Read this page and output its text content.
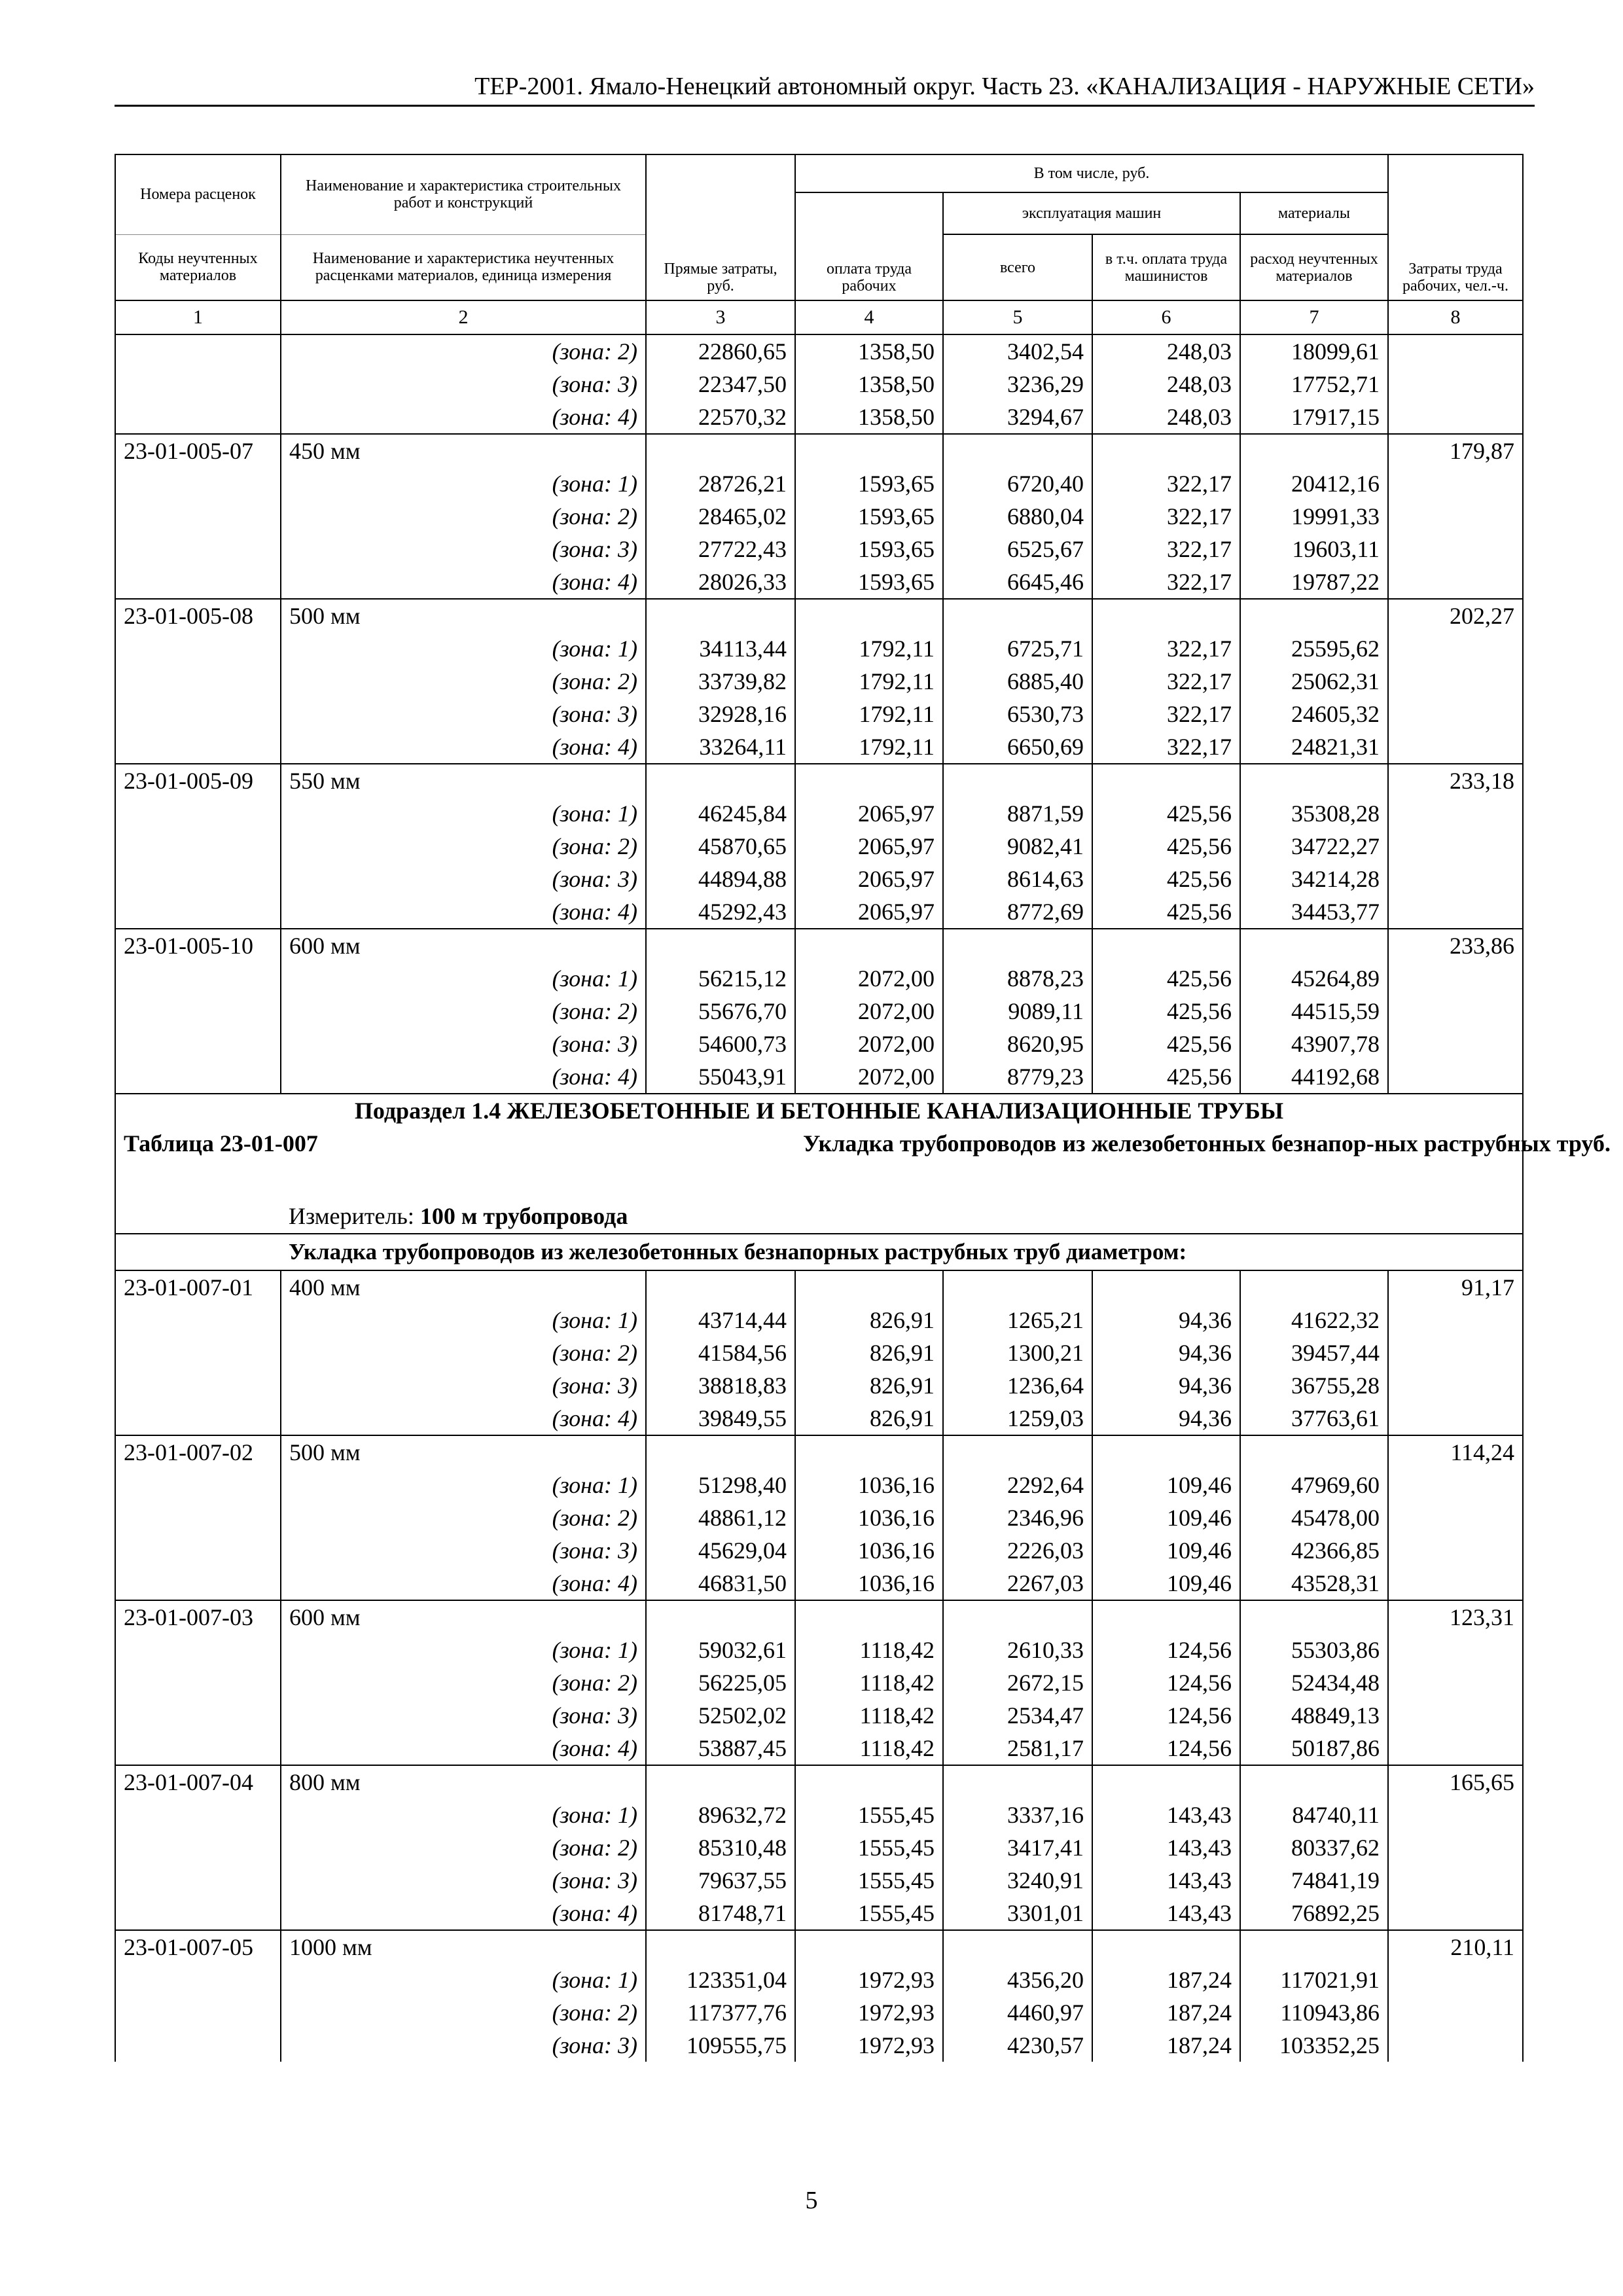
ТЕР-2001. Ямало-Ненецкий автономный округ. Часть 23. «КАНАЛИЗАЦИЯ - НАРУЖНЫЕ СЕТИ»
Номера расценок	Наименование и характеристика строительных работ и конструкций	Прямые затраты, руб.	В том числе, руб.				Затраты труда рабочих, чел.-ч.
			оплата труда рабочих	эксплуатация машин		материалы	
Коды неучтенных материалов	Наименование и характеристика неучтенных расценками материалов, единица измерения			всего	в т.ч. оплата труда машинистов	расход неучтенных материалов	
1	2	3	4	5	6	7	8
	(зона: 2)	22860,65	1358,50	3402,54	248,03	18099,61	
	(зона: 3)	22347,50	1358,50	3236,29	248,03	17752,71	
	(зона: 4)	22570,32	1358,50	3294,67	248,03	17917,15	
23-01-005-07	450 мм						179,87
	(зона: 1)	28726,21	1593,65	6720,40	322,17	20412,16	
	(зона: 2)	28465,02	1593,65	6880,04	322,17	19991,33	
	(зона: 3)	27722,43	1593,65	6525,67	322,17	19603,11	
	(зона: 4)	28026,33	1593,65	6645,46	322,17	19787,22	
23-01-005-08	500 мм						202,27
	(зона: 1)	34113,44	1792,11	6725,71	322,17	25595,62	
	(зона: 2)	33739,82	1792,11	6885,40	322,17	25062,31	
	(зона: 3)	32928,16	1792,11	6530,73	322,17	24605,32	
	(зона: 4)	33264,11	1792,11	6650,69	322,17	24821,31	
23-01-005-09	550 мм						233,18
	(зона: 1)	46245,84	2065,97	8871,59	425,56	35308,28	
	(зона: 2)	45870,65	2065,97	9082,41	425,56	34722,27	
	(зона: 3)	44894,88	2065,97	8614,63	425,56	34214,28	
	(зона: 4)	45292,43	2065,97	8772,69	425,56	34453,77	
23-01-005-10	600 мм						233,86
	(зона: 1)	56215,12	2072,00	8878,23	425,56	45264,89	
	(зона: 2)	55676,70	2072,00	9089,11	425,56	44515,59	
	(зона: 3)	54600,73	2072,00	8620,95	425,56	43907,78	
	(зона: 4)	55043,91	2072,00	8779,23	425,56	44192,68	
Подраздел 1.4 ЖЕЛЕЗОБЕТОННЫЕ И БЕТОННЫЕ КАНАЛИЗАЦИОННЫЕ ТРУБЫ							
Таблица 23-01-007			Укладка трубопроводов из железобетонных безнапор-ных раструбных труб.				
	Измеритель: 100 м трубопровода						
	Укладка трубопроводов из железобетонных безнапорных раструбных труб диаметром:						
23-01-007-01	400 мм						91,17
	(зона: 1)	43714,44	826,91	1265,21	94,36	41622,32	
	(зона: 2)	41584,56	826,91	1300,21	94,36	39457,44	
	(зона: 3)	38818,83	826,91	1236,64	94,36	36755,28	
	(зона: 4)	39849,55	826,91	1259,03	94,36	37763,61	
23-01-007-02	500 мм						114,24
	(зона: 1)	51298,40	1036,16	2292,64	109,46	47969,60	
	(зона: 2)	48861,12	1036,16	2346,96	109,46	45478,00	
	(зона: 3)	45629,04	1036,16	2226,03	109,46	42366,85	
	(зона: 4)	46831,50	1036,16	2267,03	109,46	43528,31	
23-01-007-03	600 мм						123,31
	(зона: 1)	59032,61	1118,42	2610,33	124,56	55303,86	
	(зона: 2)	56225,05	1118,42	2672,15	124,56	52434,48	
	(зона: 3)	52502,02	1118,42	2534,47	124,56	48849,13	
	(зона: 4)	53887,45	1118,42	2581,17	124,56	50187,86	
23-01-007-04	800 мм						165,65
	(зона: 1)	89632,72	1555,45	3337,16	143,43	84740,11	
	(зона: 2)	85310,48	1555,45	3417,41	143,43	80337,62	
	(зона: 3)	79637,55	1555,45	3240,91	143,43	74841,19	
	(зона: 4)	81748,71	1555,45	3301,01	143,43	76892,25	
23-01-007-05	1000 мм						210,11
	(зона: 1)	123351,04	1972,93	4356,20	187,24	117021,91	
	(зона: 2)	117377,76	1972,93	4460,97	187,24	110943,86	
	(зона: 3)	109555,75	1972,93	4230,57	187,24	103352,25	
5
